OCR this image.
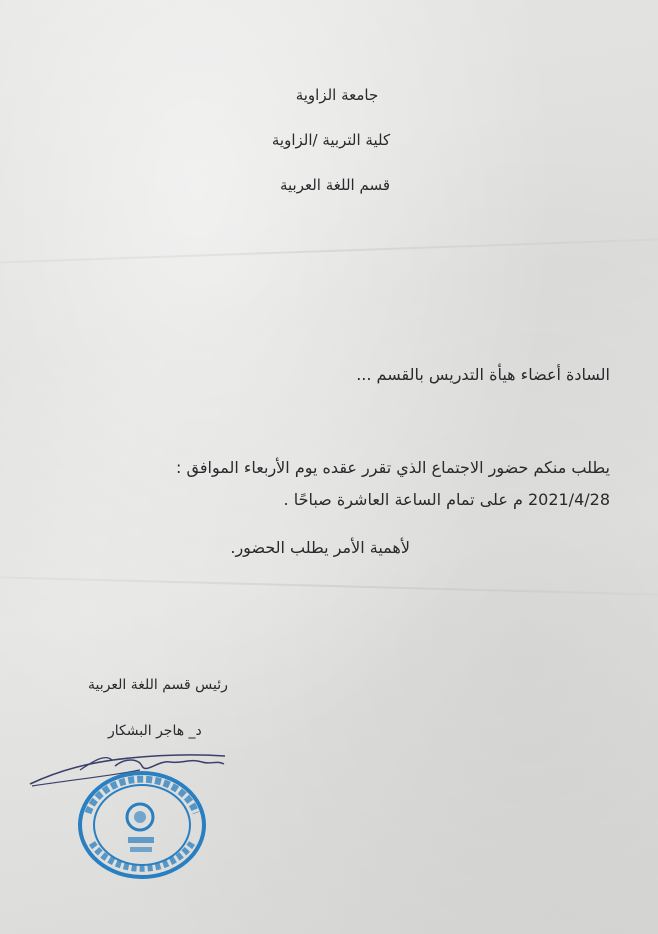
جامعة الزاوية
كلية التربية /الزاوية
قسم اللغة العربية
السادة أعضاء هيأة التدريس بالقسم ...
يطلب منكم حضور الاجتماع الذي تقرر عقده يوم الأربعاء الموافق :
2021/4/28 م على تمام الساعة العاشرة صباحًا .
لأهمية الأمر يطلب الحضور.
رئيس قسم اللغة العربية
د_ هاجر البشكار
